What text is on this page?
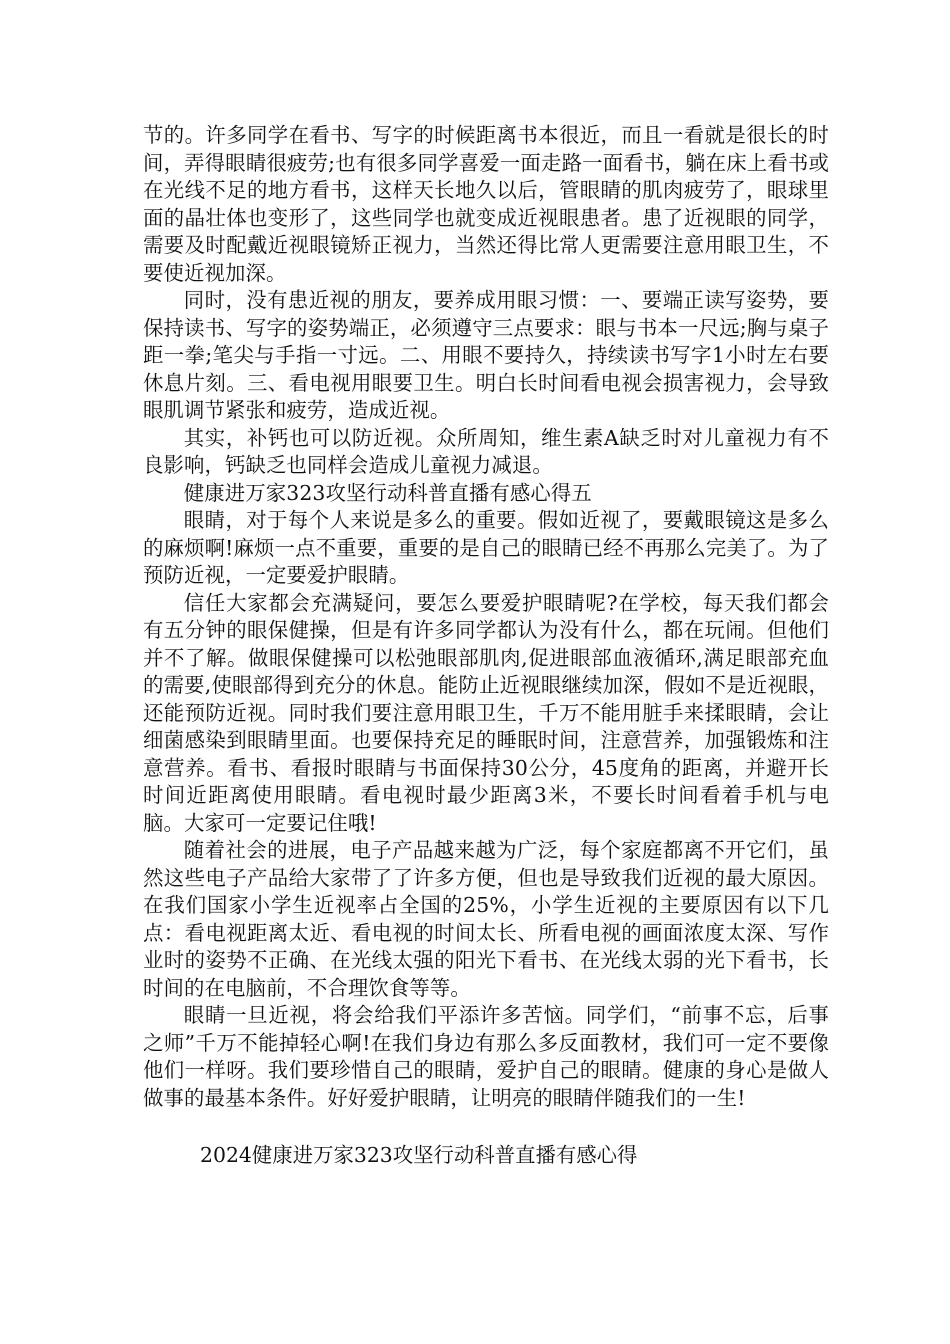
节的。许多同学在看书、写字的时候距离书本很近，而且一看就是很长的时间，弄得眼睛很疲劳;也有很多同学喜爱一面走路一面看书，躺在床上看书或在光线不足的地方看书，这样天长地久以后，管眼睛的肌肉疲劳了，眼球里面的晶壮体也变形了，这些同学也就变成近视眼患者。患了近视眼的同学，需要及时配戴近视眼镜矫正视力，当然还得比常人更需要注意用眼卫生，不要使近视加深。

同时，没有患近视的朋友，要养成用眼习惯：一、要端正读写姿势，要保持读书、写字的姿势端正，必须遵守三点要求：眼与书本一尺远;胸与桌子距一拳;笔尖与手指一寸远。二、用眼不要持久，持续读书写字1小时左右要休息片刻。三、看电视用眼要卫生。明白长时间看电视会损害视力，会导致眼肌调节紧张和疲劳，造成近视。

其实，补钙也可以防近视。众所周知，维生素A缺乏时对儿童视力有不良影响，钙缺乏也同样会造成儿童视力减退。

健康进万家323攻坚行动科普直播有感心得五

眼睛，对于每个人来说是多么的重要。假如近视了，要戴眼镜这是多么的麻烦啊!麻烦一点不重要，重要的是自己的眼睛已经不再那么完美了。为了预防近视，一定要爱护眼睛。

信任大家都会充满疑问，要怎么要爱护眼睛呢?在学校，每天我们都会有五分钟的眼保健操，但是有许多同学都认为没有什么，都在玩闹。但他们并不了解。做眼保健操可以松弛眼部肌肉,促进眼部血液循环,满足眼部充血的需要,使眼部得到充分的休息。能防止近视眼继续加深，假如不是近视眼，还能预防近视。同时我们要注意用眼卫生，千万不能用脏手来揉眼睛，会让细菌感染到眼睛里面。也要保持充足的睡眠时间，注意营养，加强锻炼和注意营养。看书、看报时眼睛与书面保持30公分，45度角的距离，并避开长时间近距离使用眼睛。看电视时最少距离3米，不要长时间看着手机与电脑。大家可一定要记住哦!

随着社会的进展，电子产品越来越为广泛，每个家庭都离不开它们，虽然这些电子产品给大家带了了许多方便，但也是导致我们近视的最大原因。在我们国家小学生近视率占全国的25%，小学生近视的主要原因有以下几点：看电视距离太近、看电视的时间太长、所看电视的画面浓度太深、写作业时的姿势不正确、在光线太强的阳光下看书、在光线太弱的光下看书，长时间的在电脑前，不合理饮食等等。

眼睛一旦近视，将会给我们平添许多苦恼。同学们，“前事不忘，后事之师”千万不能掉轻心啊!在我们身边有那么多反面教材，我们可一定不要像他们一样呀。我们要珍惜自己的眼睛，爱护自己的眼睛。健康的身心是做人做事的最基本条件。好好爱护眼睛，让明亮的眼睛伴随我们的一生!

2024健康进万家323攻坚行动科普直播有感心得
